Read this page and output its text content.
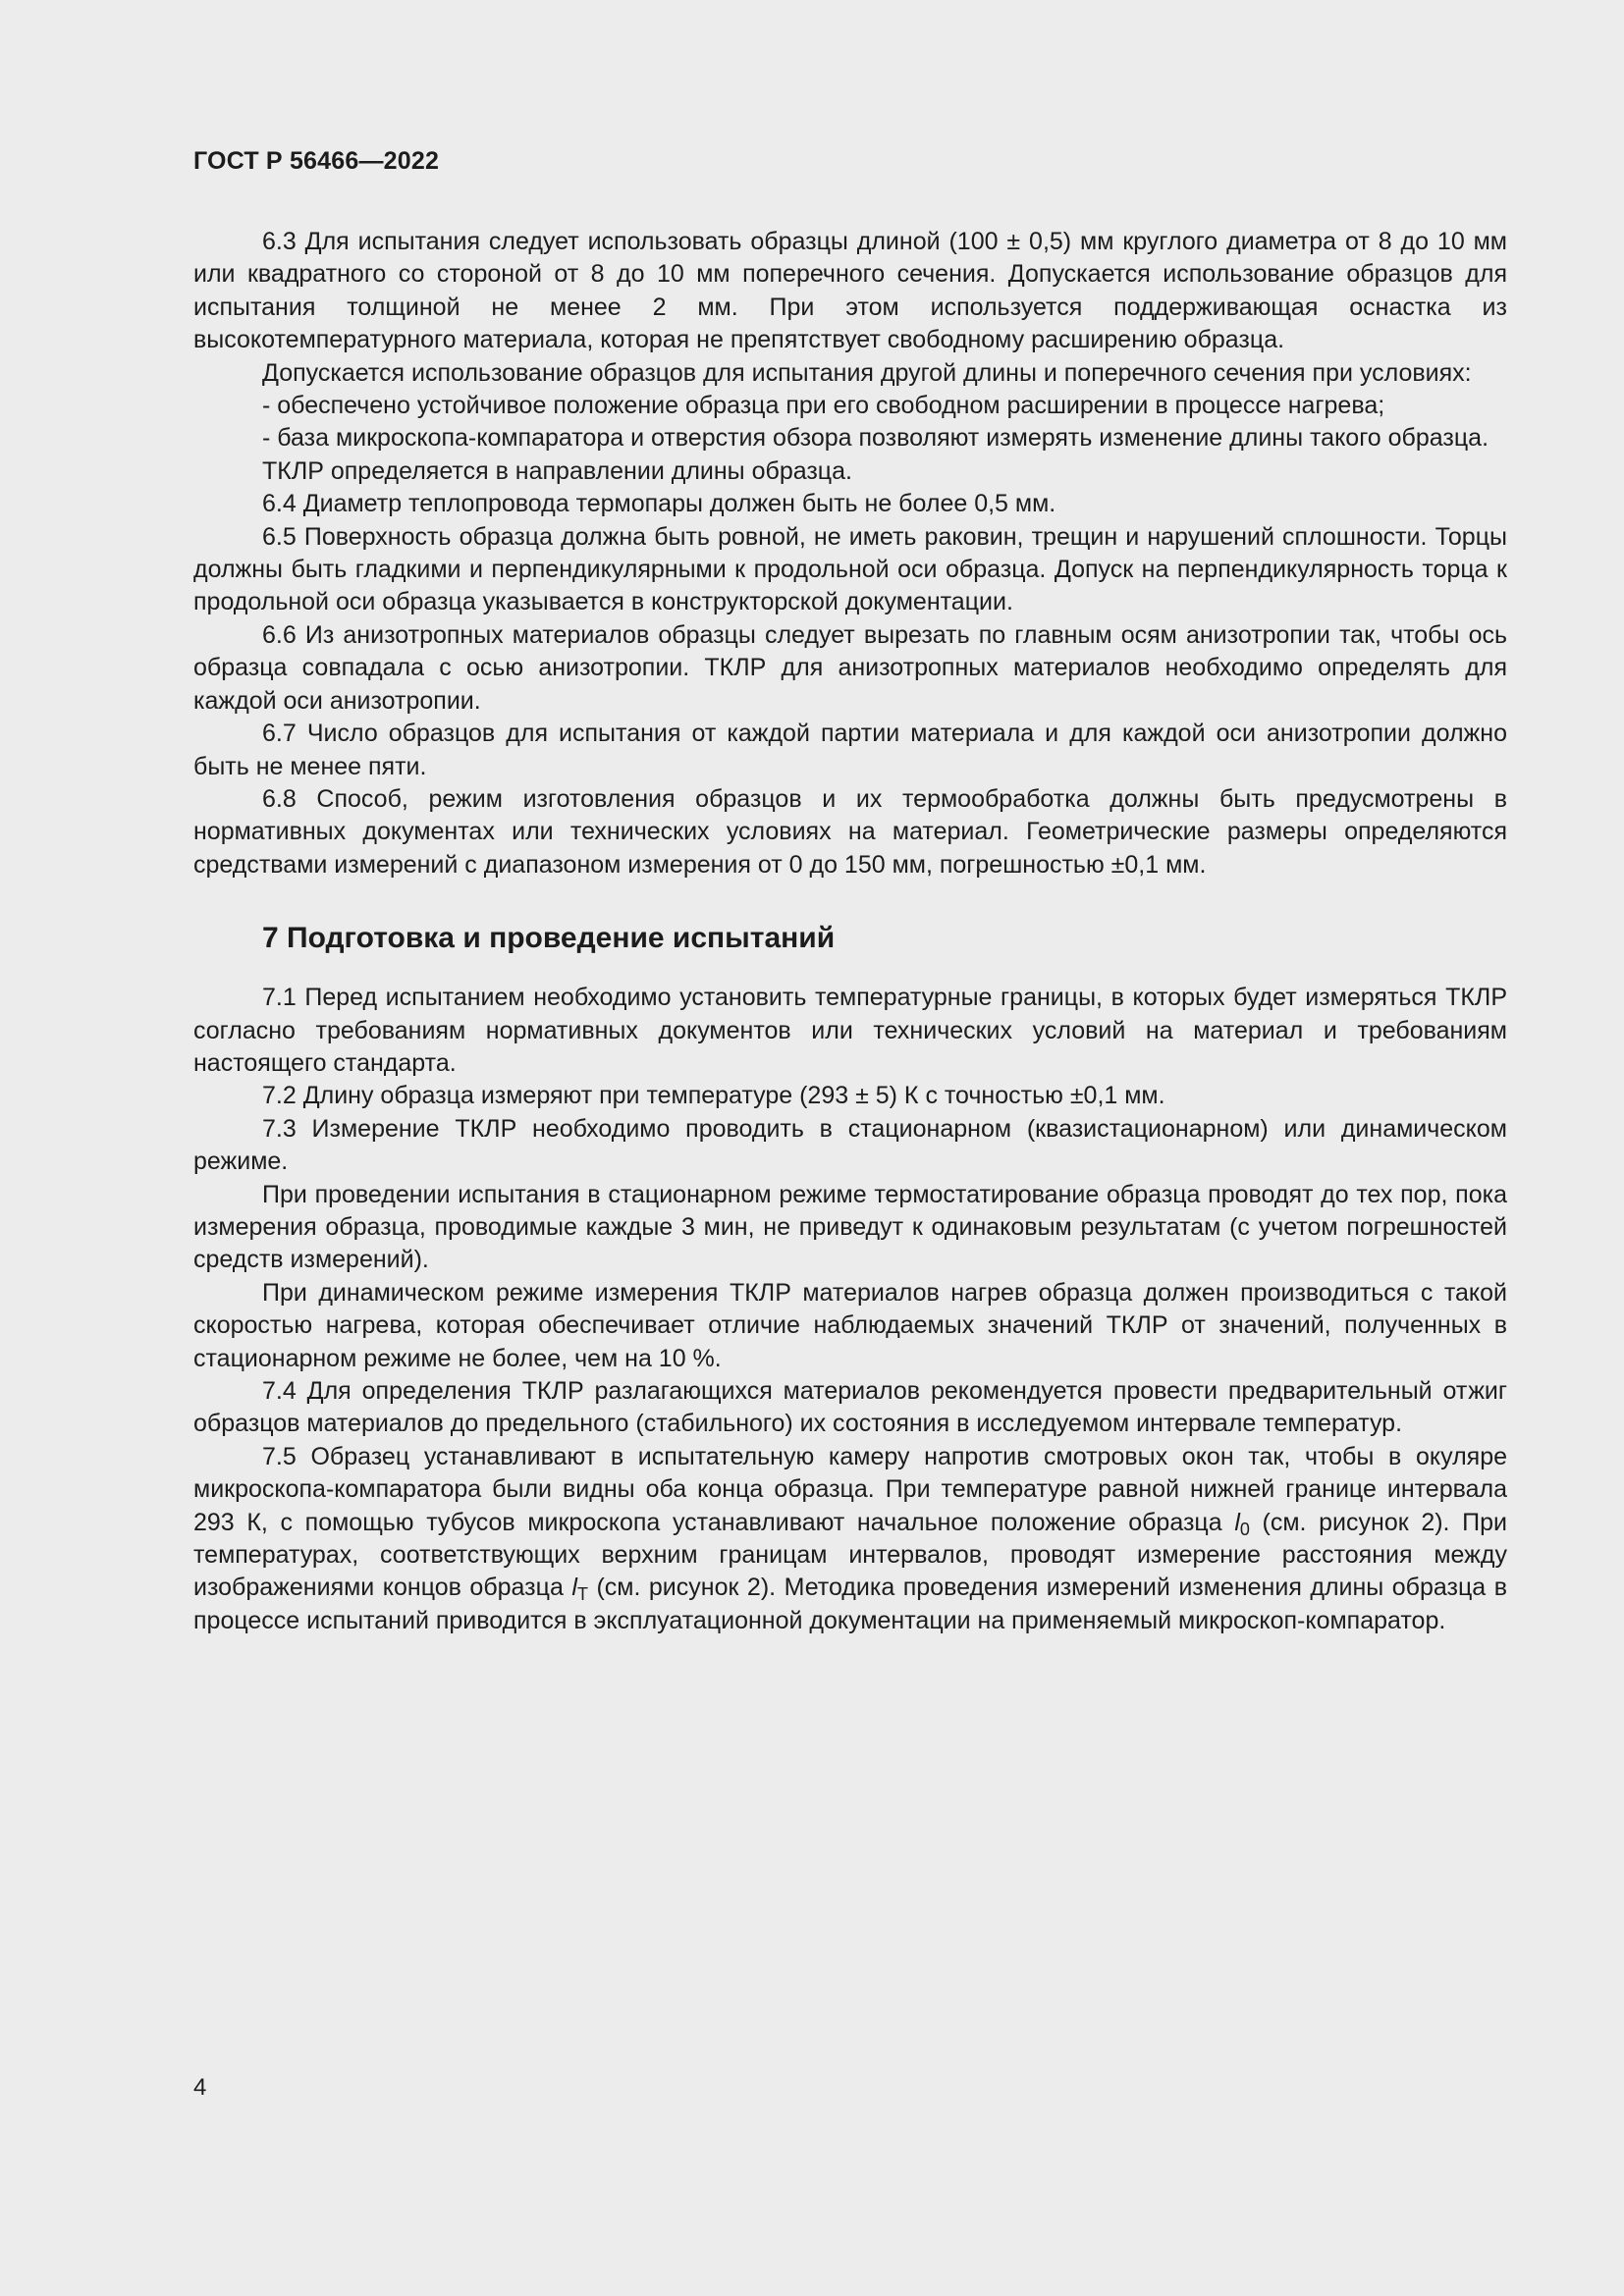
ГОСТ Р 56466—2022

6.3 Для испытания следует использовать образцы длиной (100 ± 0,5) мм круглого диаметра от 8 до 10 мм или квадратного со стороной от 8 до 10 мм поперечного сечения. Допускается использование образцов для испытания толщиной не менее 2 мм. При этом используется поддерживающая оснастка из высокотемпературного материала, которая не препятствует свободному расширению образца.

Допускается использование образцов для испытания другой длины и поперечного сечения при условиях:

- обеспечено устойчивое положение образца при его свободном расширении в процессе нагрева;

- база микроскопа-компаратора и отверстия обзора позволяют измерять изменение длины такого образца.

ТКЛР определяется в направлении длины образца.

6.4 Диаметр теплопровода термопары должен быть не более 0,5 мм.

6.5 Поверхность образца должна быть ровной, не иметь раковин, трещин и нарушений сплошности. Торцы должны быть гладкими и перпендикулярными к продольной оси образца. Допуск на перпендикулярность торца к продольной оси образца указывается в конструкторской документации.

6.6 Из анизотропных материалов образцы следует вырезать по главным осям анизотропии так, чтобы ось образца совпадала с осью анизотропии. ТКЛР для анизотропных материалов необходимо определять для каждой оси анизотропии.

6.7 Число образцов для испытания от каждой партии материала и для каждой оси анизотропии должно быть не менее пяти.

6.8 Способ, режим изготовления образцов и их термообработка должны быть предусмотрены в нормативных документах или технических условиях на материал. Геометрические размеры определяются средствами измерений с диапазоном измерения от 0 до 150 мм, погрешностью ±0,1 мм.

7 Подготовка и проведение испытаний

7.1 Перед испытанием необходимо установить температурные границы, в которых будет измеряться ТКЛР согласно требованиям нормативных документов или технических условий на материал и требованиям настоящего стандарта.

7.2 Длину образца измеряют при температуре (293 ± 5) К с точностью ±0,1 мм.

7.3 Измерение ТКЛР необходимо проводить в стационарном (квазистационарном) или динамическом режиме.

При проведении испытания в стационарном режиме термостатирование образца проводят до тех пор, пока измерения образца, проводимые каждые 3 мин, не приведут к одинаковым результатам (с учетом погрешностей средств измерений).

При динамическом режиме измерения ТКЛР материалов нагрев образца должен производиться с такой скоростью нагрева, которая обеспечивает отличие наблюдаемых значений ТКЛР от значений, полученных в стационарном режиме не более, чем на 10 %.

7.4 Для определения ТКЛР разлагающихся материалов рекомендуется провести предварительный отжиг образцов материалов до предельного (стабильного) их состояния в исследуемом интервале температур.

7.5 Образец устанавливают в испытательную камеру напротив смотровых окон так, чтобы в окуляре микроскопа-компаратора были видны оба конца образца. При температуре равной нижней границе интервала 293 К, с помощью тубусов микроскопа устанавливают начальное положение образца $l_0$ (см. рисунок 2). При температурах, соответствующих верхним границам интервалов, проводят измерение расстояния между изображениями концов образца $l_T$ (см. рисунок 2). Методика проведения измерений изменения длины образца в процессе испытаний приводится в эксплуатационной документации на применяемый микроскоп-компаратор.

4
